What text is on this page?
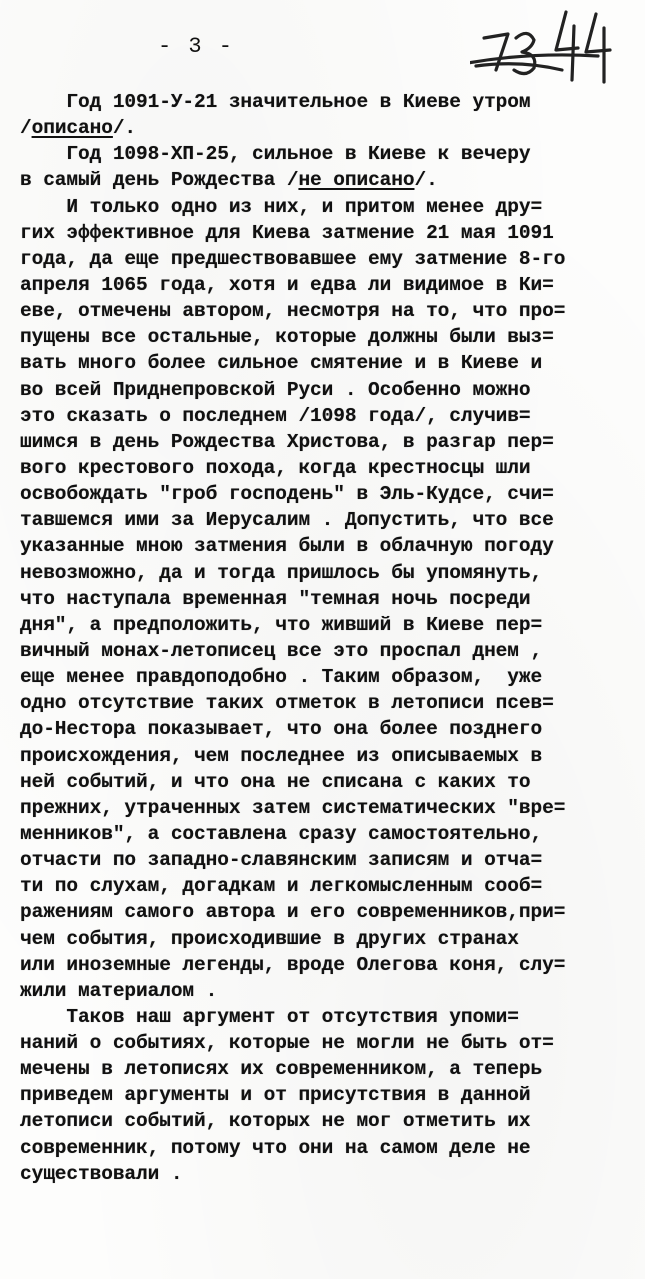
- 3 -
Год 1091-У-21 значительное в Киеве утром
/описано/.
Год 1098-ХП-25, сильное в Киеве к вечеру
в самый день Рождества /не описано/.
И только одно из них, и притом менее дру=
гих эффективное для Киева затмение 21 мая 1091
года, да еще предшествовавшее ему затмение 8-го
апреля 1065 года, хотя и едва ли видимое в Ки=
еве, отмечены автором, несмотря на то, что про=
пущены все остальные, которые должны были выз=
вать много более сильное смятение и в Киеве и
во всей Приднепровской Руси . Особенно можно
это сказать о последнем /1098 года/, случив=
шимся в день Рождества Христова, в разгар пер=
вого крестового похода, когда крестносцы шли
освобождать "гроб господень" в Эль-Кудсе, счи=
тавшемся ими за Иерусалим . Допустить, что все
указанные мною затмения были в облачную погоду
невозможно, да и тогда пришлось бы упомянуть,
что наступала временная "темная ночь посреди
дня", а предположить, что живший в Киеве пер=
вичный монах-летописец все это проспал днем ,
еще менее правдоподобно . Таким образом,  уже
одно отсутствие таких отметок в летописи псев=
до-Нестора показывает, что она более позднего
происхождения, чем последнее из описываемых в
ней событий, и что она не списана с каких то
прежних, утраченных затем систематических "вре=
менников", а составлена сразу самостоятельно,
отчасти по западно-славянским записям и отча=
ти по слухам, догадкам и легкомысленным сооб=
ражениям самого автора и его современников,при=
чем события, происходившие в других странах
или иноземные легенды, вроде Олегова коня, слу=
жили материалом .
Таков наш аргумент от отсутствия упоми=
наний о событиях, которые не могли не быть от=
мечены в летописях их современником, а теперь
приведем аргументы и от присутствия в данной
летописи событий, которых не мог отметить их
современник, потому что они на самом деле не
существовали .
